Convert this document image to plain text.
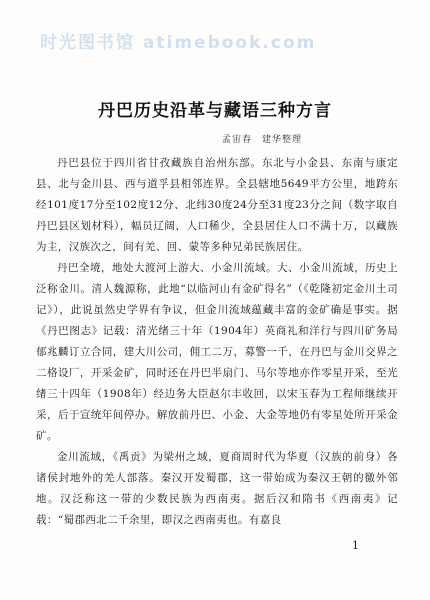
时光图书馆 atimebook.com
丹巴历史沿革与藏语三种方言
孟宙春　建华整理

丹巴县位于四川省甘孜藏族自治州东部。东北与小金县、东南与康定县、北与金川县、西与道孚县相邻连界。全县辖地5649平方公里，地跨东经101度17分至102度12分、北纬30度24分至31度23分之间（数字取自丹巴县区划材料），幅员辽阔，人口稀少，全县居住人口不满十万，以藏族为主，汉族次之，间有羌、回、蒙等多种兄弟民族居住。

丹巴全境，地处大渡河上游大、小金川流域。大、小金川流域，历史上泛称金川。清人魏源称，此地“以临河山有金矿得名”（《乾隆初定金川土司记》），此说虽然史学界有争议，但金川流域蕴藏丰富的金矿确是事实。据《丹巴图志》记载：清光绪三十年（1904年）英商礼和洋行与四川矿务局郁兆麟订立合同，建大川公司，佣工二万，募警一千，在丹巴与金川交界之二格设厂，开采金矿，同时还在丹巴半扇门、马尔等地亦作零星开采，至光绪三十四年（1908年）经边务大臣赵尔丰收回，以宋玉春为工程师继续开采，后于宣统年间停办。解放前丹巴、小金、大金等地仍有零星处所开采金矿。

金川流域，《禹贡》为梁州之域，夏商周时代为华夏（汉族的前身）各诸侯封地外的羌人部落。秦汉开发蜀郡，这一带始成为秦汉王朝的徼外邻地。汉泛称这一带的少数民族为西南夷。据后汉和隋书《西南夷》记载：“蜀郡西北二千余里，即汉之西南夷也。有嘉良

1
